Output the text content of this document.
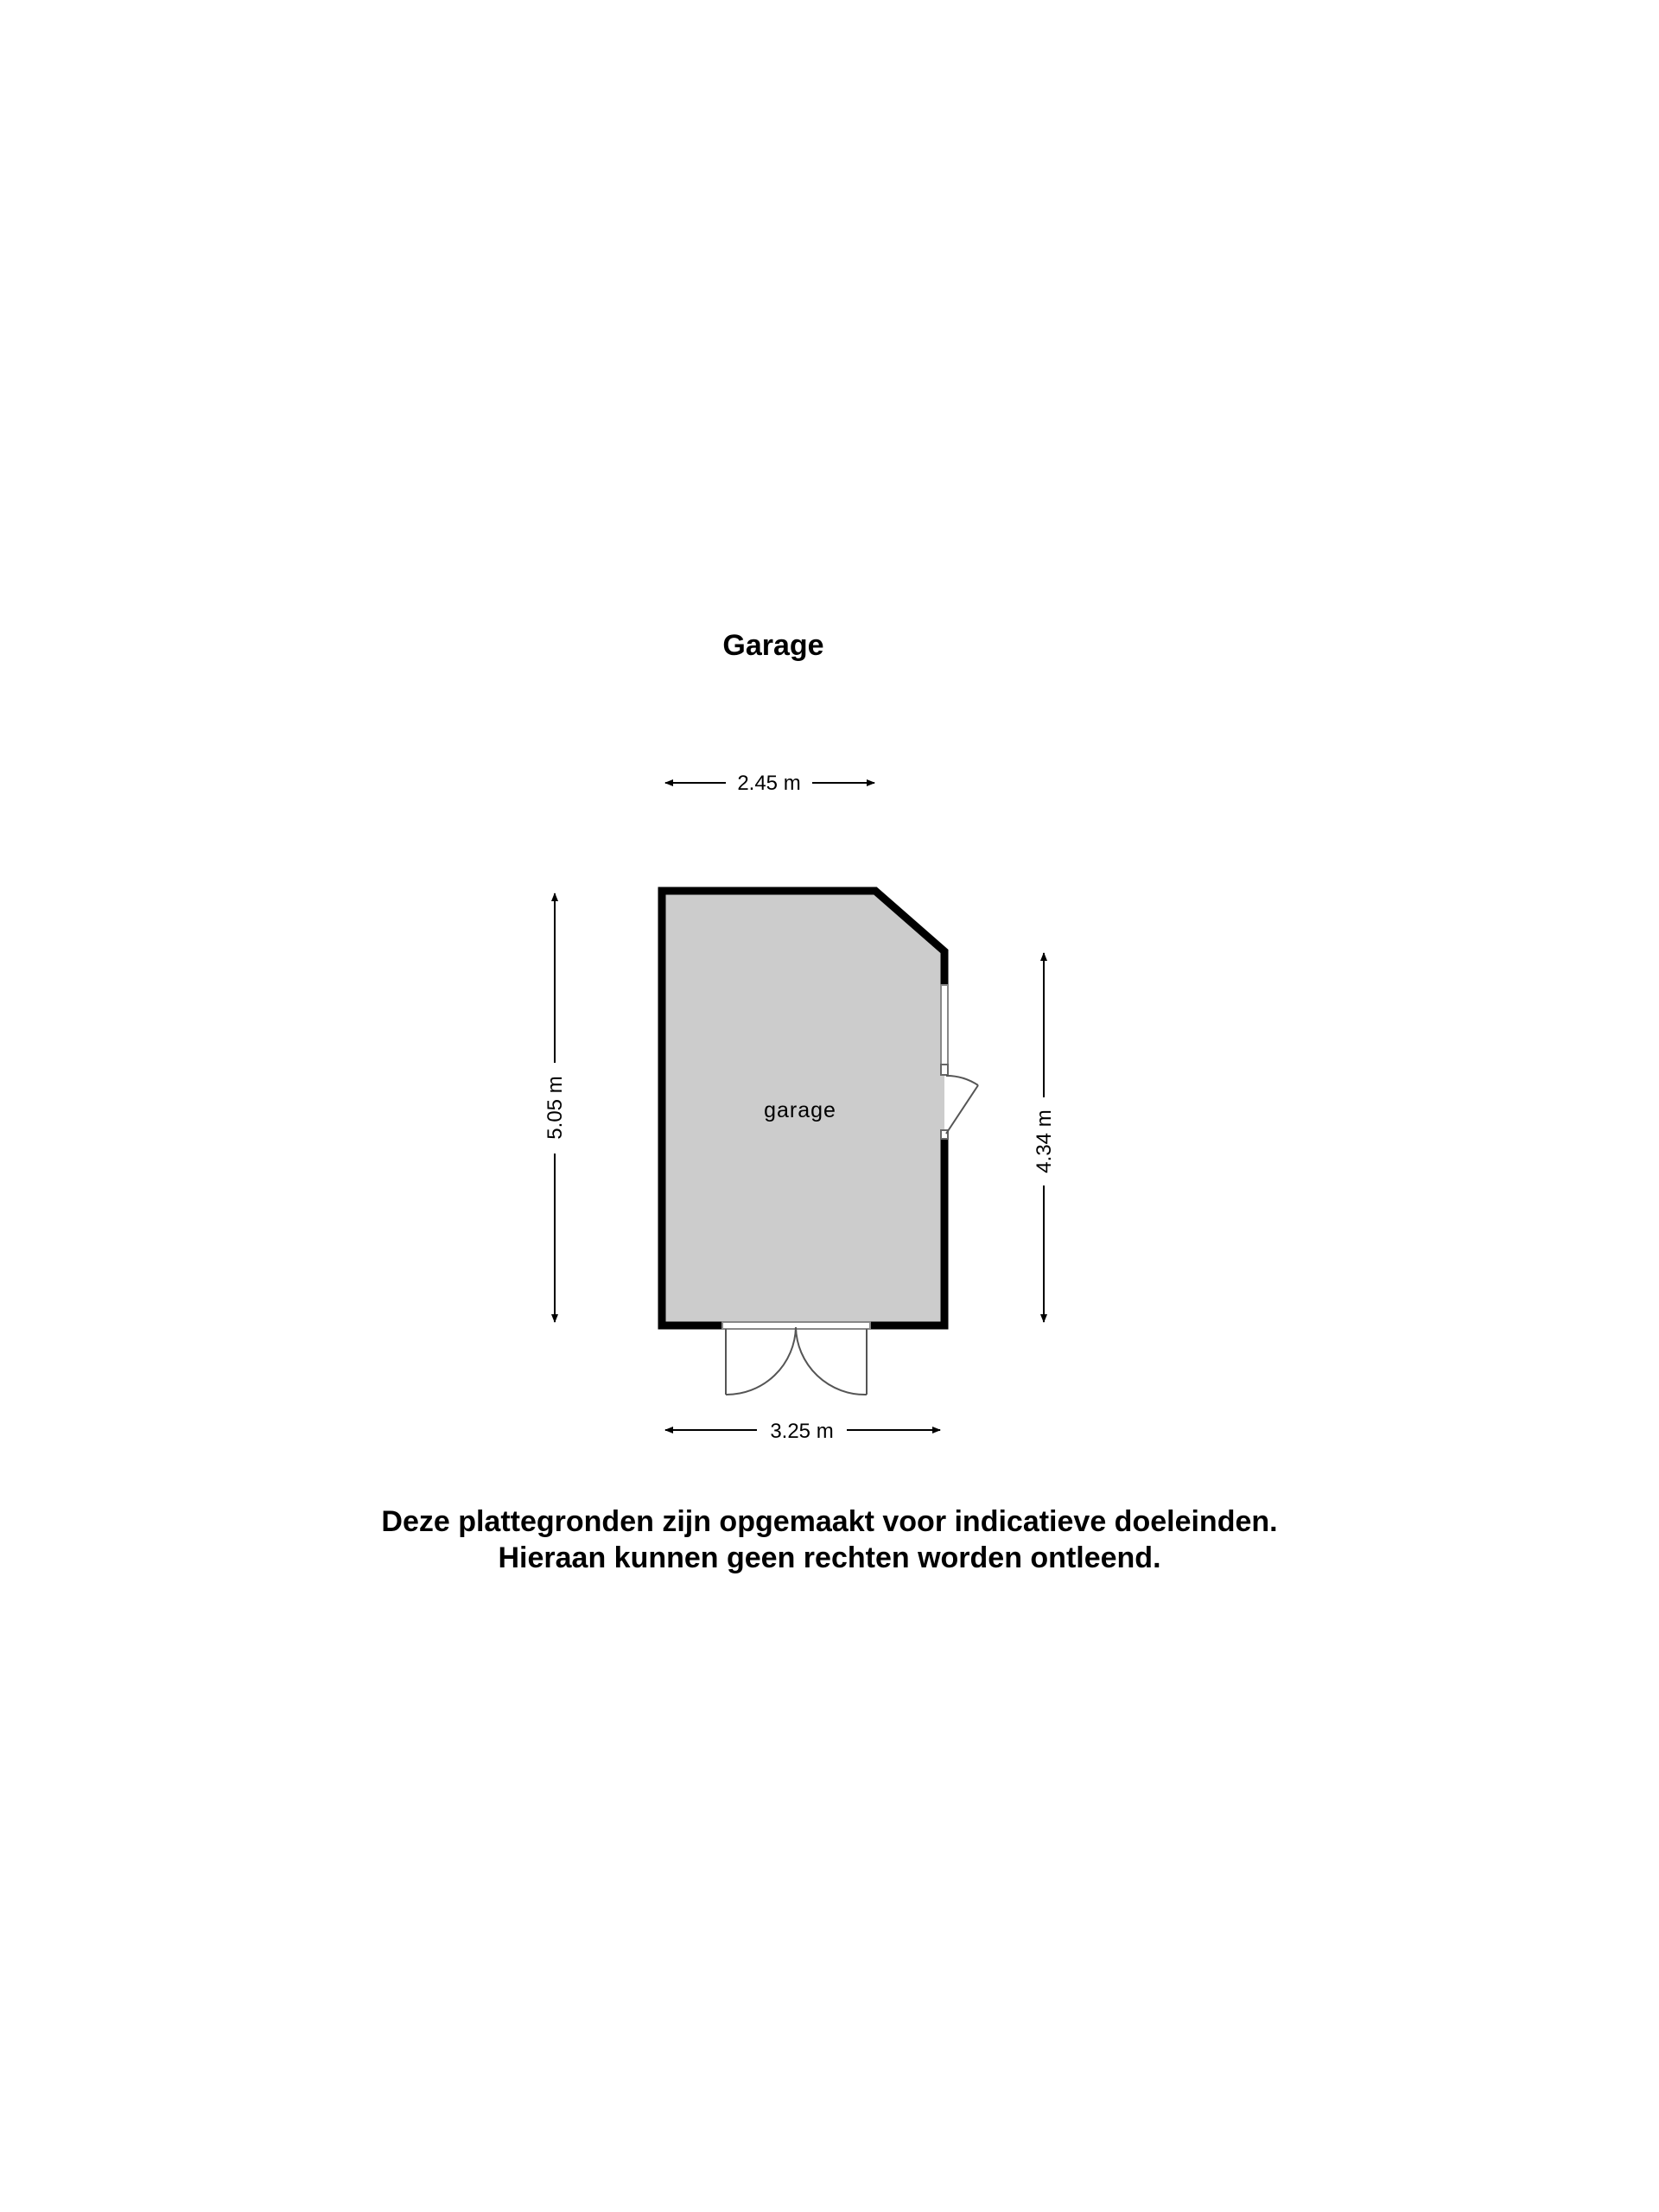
Garage
2.45 m
3.25 m
5.05 m
4.34 m
garage
Deze plattegronden zijn opgemaakt voor indicatieve doeleinden.
Hieraan kunnen geen rechten worden ontleend.
